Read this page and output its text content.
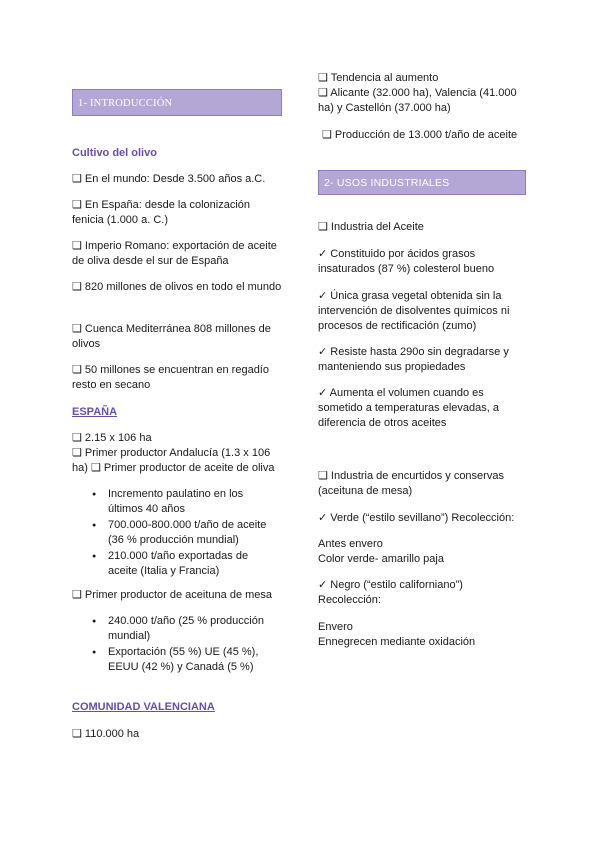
1- INTRODUCCIÓN
Cultivo del olivo
❑ En el mundo: Desde 3.500 años a.C.
❑ En España: desde la colonización fenicia (1.000 a. C.)
❑ Imperio Romano: exportación de aceite de oliva desde el sur de España
❑ 820 millones de olivos en todo el mundo
❑ Cuenca Mediterránea 808 millones de olivos
❑ 50 millones se encuentran en regadío resto en secano
ESPAÑA
❑ 2.15 x 106 ha
❑ Primer productor Andalucía (1.3 x 106 ha) ❑ Primer productor de aceite de oliva
● Incremento paulatino en los últimos 40 años
● 700.000-800.000 t/año de aceite (36 % producción mundial)
● 210.000 t/año exportadas de aceite (Italia y Francia)
❑ Primer productor de aceituna de mesa
● 240.000 t/año (25 % producción mundial)
● Exportación (55 %) UE (45 %), EEUU (42 %) y Canadá (5 %)
COMUNIDAD VALENCIANA
❑ 110.000 ha
❑ Tendencia al aumento
❑ Alicante (32.000 ha), Valencia (41.000 ha) y Castellón (37.000 ha)
❑ Producción de 13.000 t/año de aceite
2- USOS INDUSTRIALES
❑ Industria del Aceite
✓ Constituido por ácidos grasos insaturados (87 %) colesterol bueno
✓ Única grasa vegetal obtenida sin la intervención de disolventes químicos ni procesos de rectificación (zumo)
✓ Resiste hasta 290o sin degradarse y manteniendo sus propiedades
✓ Aumenta el volumen cuando es sometido a temperaturas elevadas, a diferencia de otros aceites
❑ Industria de encurtidos y conservas (aceituna de mesa)
✓ Verde (“estilo sevillano”) Recolección:
Antes envero
Color verde- amarillo paja
✓ Negro (“estilo californiano”) Recolección:
Envero
Ennegrecen mediante oxidación
